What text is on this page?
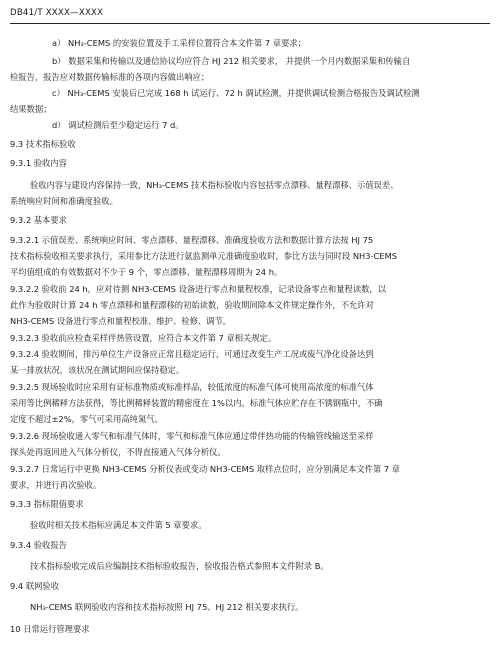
DB41/T XXXX—XXXX
a） NH₃-CEMS 的安装位置及手工采样位置符合本文件第 7 章要求；
b） 数据采集和传输以及通信协议均应符合 HJ 212 相关要求， 并提供一个月内数据采集和传输自
检报告，报告应对数据传输标准的各项内容做出响应；
c） NH₃-CEMS 安装后已完成 168 h 试运行、72 h 调试检测，并提供调试检测合格报告及调试检测
结果数据；
d） 调试检测后至少稳定运行 7 d。
9.3 技术指标验收
9.3.1 验收内容
验收内容与建设内容保持一致，NH₃-CEMS 技术指标验收内容包括零点漂移、量程漂移、示值误差、
系统响应时间和准确度验收。
9.3.2 基本要求
9.3.2.1 示值误差、系统响应时间、零点漂移、量程漂移、准确度验收方法和数据计算方法按 HJ 75
技术指标验收相关要求执行，采用参比方法进行氨监测单元准确度验收时，参比方法与同时段 NH3-CEMS
平均值组成的有效数据对不少于 9 个，零点漂移、量程漂移周期为 24 h。
9.3.2.2 验收前 24 h，应对待测 NH3-CEMS 设备进行零点和量程校准，记录设备零点和量程读数，以
此作为验收时计算 24 h 零点漂移和量程漂移的初始读数，验收期间除本文件规定操作外，不允许对
NH3-CEMS 设备进行零点和量程校准、维护、检修、调节。
9.3.2.3 验收前应检查采样伴热管设置，应符合本文件第 7 章相关规定。
9.3.2.4 验收期间，排污单位生产设备应正常且稳定运行，可通过改变生产工况或废气净化设备达到
某一排放状况，该状况在测试期间应保持稳定。
9.3.2.5 现场验收时应采用有证标准物质或标准样品，较低浓度的标准气体可使用高浓度的标准气体
采用等比例稀释方法获得，等比例稀释装置的精密度在 1%以内。标准气体应贮存在不锈钢瓶中，不确
定度不超过±2%，零气可采用高纯氮气。
9.3.2.6 现场验收通入零气和标准气体时，零气和标准气体应通过带伴热功能的传输管线输送至采样
探头处再返回进入气体分析仪，不得直接通入气体分析仪。
9.3.2.7 日常运行中更换 NH3-CEMS 分析仪表或变动 NH3-CEMS 取样点位时，应分别满足本文件第 7 章
要求，并进行再次验收。
9.3.3 指标限值要求
验收时相关技术指标应满足本文件第 5 章要求。
9.3.4 验收报告
技术指标验收完成后应编制技术指标验收报告，验收报告格式参照本文件附录 B。
9.4 联网验收
NH₃-CEMS 联网验收内容和技术指标按照 HJ 75、HJ 212 相关要求执行。
10 日常运行管理要求
